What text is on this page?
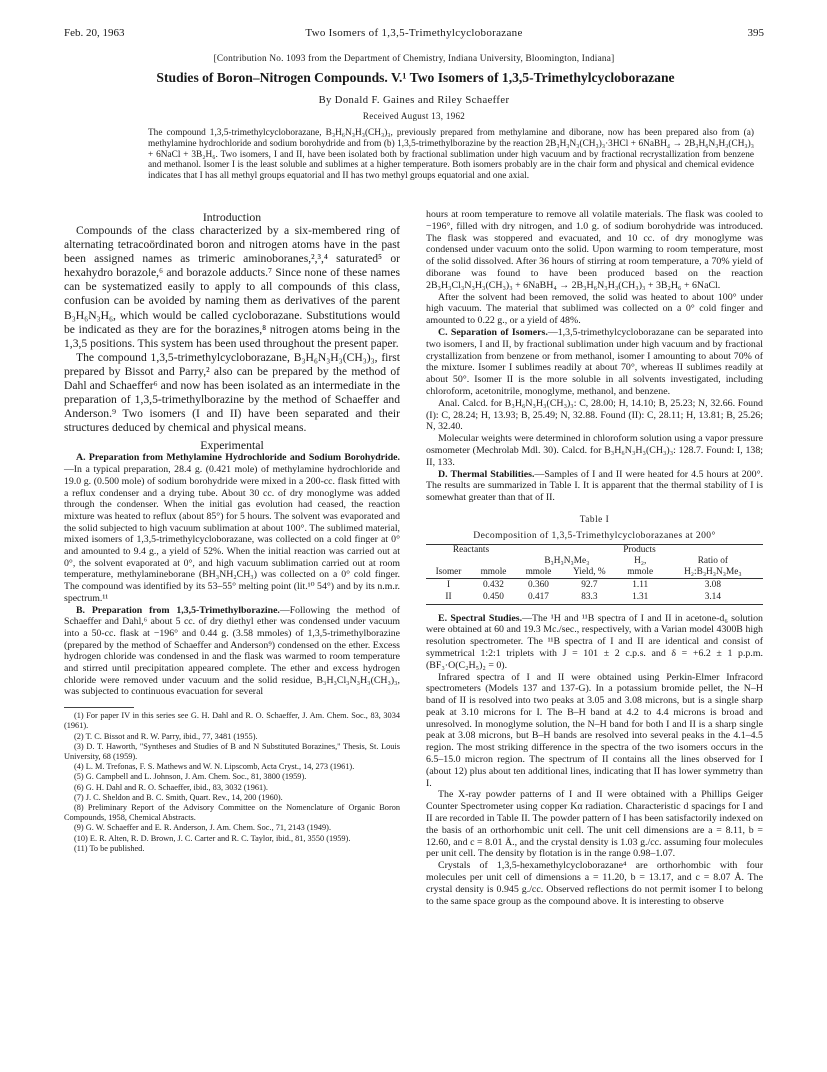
Feb. 20, 1963	Two Isomers of 1,3,5-Trimethylcycloborazane	395
[Contribution No. 1093 from the Department of Chemistry, Indiana University, Bloomington, Indiana]
Studies of Boron–Nitrogen Compounds. V.¹ Two Isomers of 1,3,5-Trimethylcycloborazane
By Donald F. Gaines and Riley Schaeffer
Received August 13, 1962
The compound 1,3,5-trimethylcycloborazane, B₃H₆N₃H₃(CH₃)₃, previously prepared from methylamine and diborane, now has been prepared also from (a) methylamine hydrochloride and sodium borohydride and from (b) 1,3,5-trimethylborazine by the reaction 2B₃H₃N₃(CH₃)₃·3HCl + 6NaBH₄ → 2B₃H₆N₃H₃(CH₃)₃ + 6NaCl + 3B₂H₆. Two isomers, I and II, have been isolated both by fractional sublimation under high vacuum and by fractional recrystallization from benzene and methanol. Isomer I is the least soluble and sublimes at a higher temperature. Both isomers probably are in the chair form and physical and chemical evidence indicates that I has all methyl groups equatorial and II has two methyl groups equatorial and one axial.
Introduction

Compounds of the class characterized by a six-membered ring of alternating tetracoördinated boron and nitrogen atoms have in the past been assigned names as trimeric aminoboranes,²,³,⁴ saturated⁵ or hexahydro borazole,⁶ and borazole adducts.⁷ Since none of these names can be systematized easily to apply to all compounds of this class, confusion can be avoided by naming them as derivatives of the parent B₃H₆N₃H₆, which would be called cycloborazane. Substitutions would be indicated as they are for the borazines,⁸ nitrogen atoms being in the 1,3,5 positions. This system has been used throughout the present paper.

The compound 1,3,5-trimethylcycloborazane, B₃H₆N₃H₃(CH₃)₃, first prepared by Bissot and Parry,² also can be prepared by the method of Dahl and Schaeffer⁶ and now has been isolated as an intermediate in the preparation of 1,3,5-trimethylborazine by the method of Schaeffer and Anderson.⁹ Two isomers (I and II) have been separated and their structures deduced by chemical and physical means.

Experimental

A. Preparation from Methylamine Hydrochloride and Sodium Borohydride.—In a typical preparation, 28.4 g. (0.421 mole) of methylamine hydrochloride and 19.0 g. (0.500 mole) of sodium borohydride were mixed in a 200-cc. flask fitted with a reflux condenser and a drying tube. About 30 cc. of dry monoglyme was added through the condenser. When the initial gas evolution had ceased, the reaction mixture was heated to reflux (about 85°) for 5 hours. The solvent was evaporated and the solid subjected to high vacuum sublimation at about 100°. The sublimed material, mixed isomers of 1,3,5-trimethylcycloborazane, was collected on a cold finger at 0° and amounted to 9.4 g., a yield of 52%. When the initial reaction was carried out at 0°, the solvent evaporated at 0°, and high vacuum sublimation carried out at room temperature, methylamineborane (BH₃NH₂CH₃) was collected on a 0° cold finger. The compound was identified by its 53–55° melting point (lit.¹⁰ 54°) and by its n.m.r. spectrum.¹¹

B. Preparation from 1,3,5-Trimethylborazine.—Following the method of Schaeffer and Dahl,⁶ about 5 cc. of dry diethyl ether was condensed under vacuum into a 50-cc. flask at −196° and 0.44 g. (3.58 mmoles) of 1,3,5-trimethylborazine (prepared by the method of Schaeffer and Anderson⁹) condensed on the ether. Excess hydrogen chloride was condensed in and the flask was warmed to room temperature and stirred until precipitation appeared complete. The ether and excess hydrogen chloride were removed under vacuum and the solid residue, B₃H₃Cl₃N₃H₃(CH₃)₃, was subjected to continuous evacuation for several

(1) For paper IV in this series see G. H. Dahl and R. O. Schaeffer, J. Am. Chem. Soc., 83, 3034 (1961).

(2) T. C. Bissot and R. W. Parry, ibid., 77, 3481 (1955).

(3) D. T. Haworth, "Syntheses and Studies of B and N Substituted Borazines," Thesis, St. Louis University, 68 (1959).

(4) L. M. Trefonas, F. S. Mathews and W. N. Lipscomb, Acta Cryst., 14, 273 (1961).

(5) G. Campbell and L. Johnson, J. Am. Chem. Soc., 81, 3800 (1959).

(6) G. H. Dahl and R. O. Schaeffer, ibid., 83, 3032 (1961).

(7) J. C. Sheldon and B. C. Smith, Quart. Rev., 14, 200 (1960).

(8) Preliminary Report of the Advisory Committee on the Nomenclature of Organic Boron Compounds, 1958, Chemical Abstracts.

(9) G. W. Schaeffer and E. R. Anderson, J. Am. Chem. Soc., 71, 2143 (1949).

(10) E. R. Alten, R. D. Brown, J. C. Carter and R. C. Taylor, ibid., 81, 3550 (1959).

(11) To be published.

hours at room temperature to remove all volatile materials. The flask was cooled to −196°, filled with dry nitrogen, and 1.0 g. of sodium borohydride was introduced. The flask was stoppered and evacuated, and 10 cc. of dry monoglyme was condensed under vacuum onto the solid. Upon warming to room temperature, most of the solid dissolved. After 36 hours of stirring at room temperature, a 70% yield of diborane was found to have been produced based on the reaction 2B₃H₃Cl₃N₃H₃(CH₃)₃ + 6NaBH₄ → 2B₃H₆N₃H₃(CH₃)₃ + 3B₂H₆ + 6NaCl.

After the solvent had been removed, the solid was heated to about 100° under high vacuum. The material that sublimed was collected on a 0° cold finger and amounted to 0.22 g., or a yield of 48%.

C. Separation of Isomers.—1,3,5-trimethylcycloborazane can be separated into two isomers, I and II, by fractional sublimation under high vacuum and by fractional crystallization from benzene or from methanol, isomer I amounting to about 70% of the mixture. Isomer I sublimes readily at about 70°, whereas II sublimes readily at about 50°. Isomer II is the more soluble in all solvents investigated, including chloroform, acetonitrile, monoglyme, methanol, and benzene.

Anal. Calcd. for B₃H₆N₃H₃(CH₃)₃: C, 28.00; H, 14.10; B, 25.23; N, 32.66. Found (I): C, 28.24; H, 13.93; B, 25.49; N, 32.88. Found (II): C, 28.11; H, 13.81; B, 25.26; N, 32.40.

Molecular weights were determined in chloroform solution using a vapor pressure osmometer (Mechrolab Mdl. 30). Calcd. for B₃H₆N₃H₃(CH₃)₃: 128.7. Found: I, 138; II, 133.

D. Thermal Stabilities.—Samples of I and II were heated for 4.5 hours at 200°. The results are summarized in Table I. It is apparent that the thermal stability of I is somewhat greater than that of II.

Table I
Decomposition of 1,3,5-Trimethylcycloborazanes at 200°
Reactants		Products			
		B₃H₃N₃Me₃		H₂,	Ratio of
Isomer	mmole	mmole	Yield, %	mmole	H₂:B₃H₃N₃Me₃
I	0.432	0.360	92.7	1.11	3.08
II	0.450	0.417	83.3	1.31	3.14

E. Spectral Studies.—The ¹H and ¹¹B spectra of I and II in acetone-d₆ solution were obtained at 60 and 19.3 Mc./sec., respectively, with a Varian model 4300B high resolution spectrometer. The ¹¹B spectra of I and II are identical and consist of symmetrical 1:2:1 triplets with J = 101 ± 2 c.p.s. and δ = +6.2 ± 1 p.p.m. (BF₃·O(C₂H₅)₂ = 0).

Infrared spectra of I and II were obtained using Perkin-Elmer Infracord spectrometers (Models 137 and 137-G). In a potassium bromide pellet, the N–H band of II is resolved into two peaks at 3.05 and 3.08 microns, but is a single sharp peak at 3.10 microns for I. The B–H band at 4.2 to 4.4 microns is broad and unresolved. In monoglyme solution, the N–H band for both I and II is a sharp single peak at 3.08 microns, but B–H bands are resolved into several peaks in the 4.1–4.5 region. The most striking difference in the spectra of the two isomers occurs in the 6.5–15.0 micron region. The spectrum of II contains all the lines observed for I (about 12) plus about ten additional lines, indicating that II has lower symmetry than I.

The X-ray powder patterns of I and II were obtained with a Phillips Geiger Counter Spectrometer using copper Kα radiation. Characteristic d spacings for I and II are recorded in Table II. The powder pattern of I has been satisfactorily indexed on the basis of an orthorhombic unit cell. The unit cell dimensions are a = 8.11, b = 12.60, and c = 8.01 Å., and the crystal density is 1.03 g./cc. assuming four molecules per unit cell. The density by flotation is in the range 0.98–1.07.

Crystals of 1,3,5-hexamethylcycloborazane⁴ are orthorhombic with four molecules per unit cell of dimensions a = 11.20, b = 13.17, and c = 8.07 Å. The crystal density is 0.945 g./cc. Observed reflections do not permit isomer I to belong to the same space group as the compound above. It is interesting to observe
